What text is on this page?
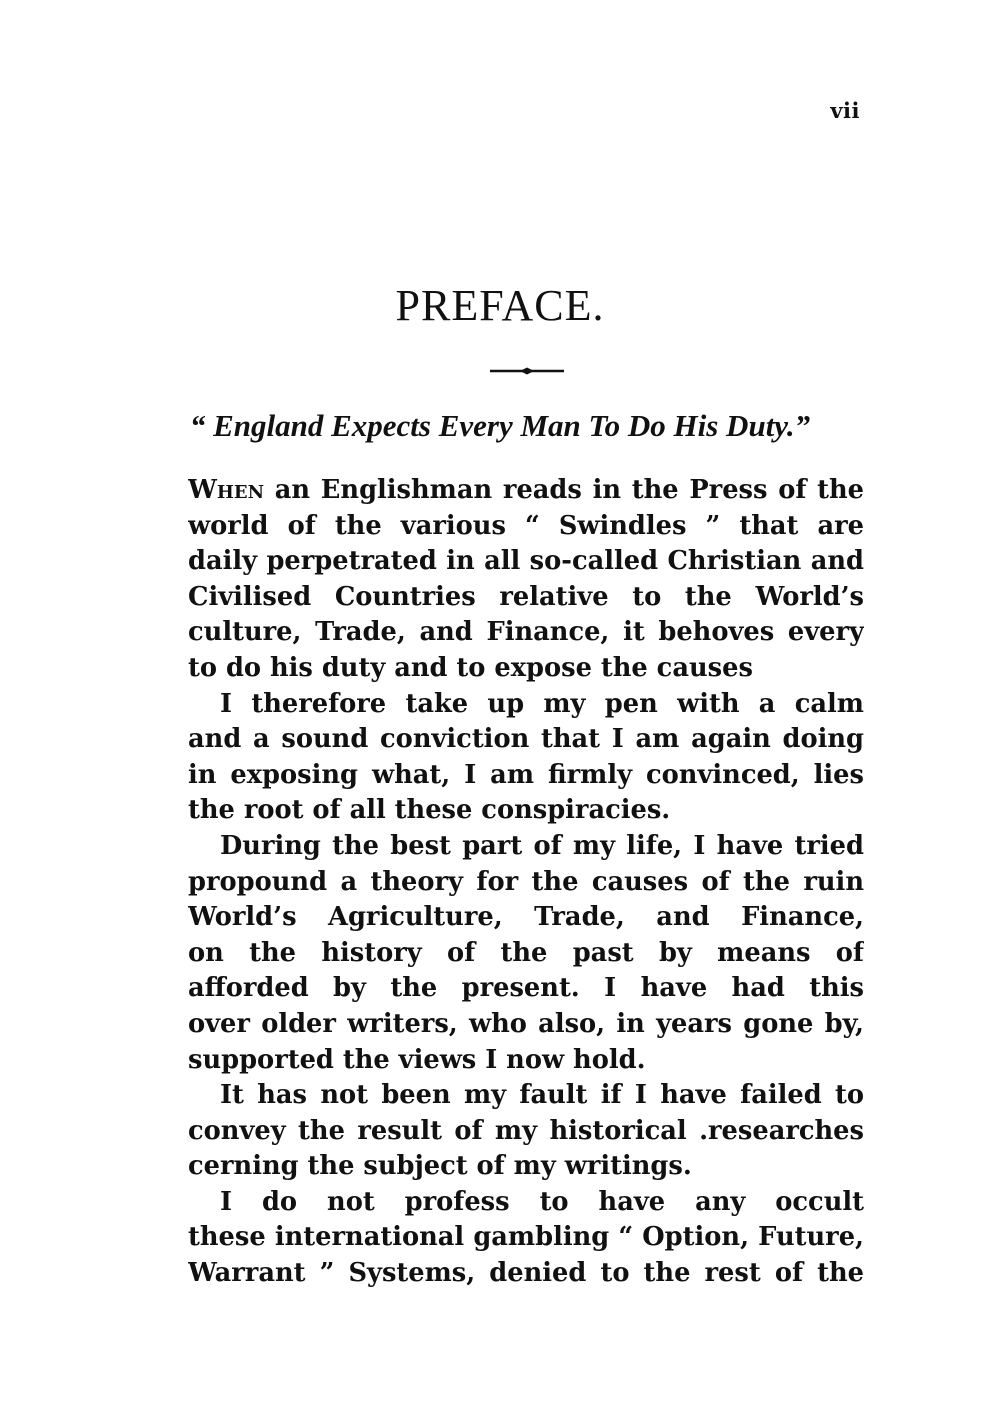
vii
PREFACE.
“ England Expects Every Man To Do His Duty.”
When an Englishman reads in the Press of the
world of the various “ Swindles ” that are
daily perpetrated in all so-called Christian and
Civilised Countries relative to the World’s
culture, Trade, and Finance, it behoves every
to do his duty and to expose the causes
I therefore take up my pen with a calm
and a sound conviction that I am again doing
in exposing what, I am firmly convinced, lies
the root of all these conspiracies.
During the best part of my life, I have tried
propound a theory for the causes of the ruin
World’s Agriculture, Trade, and Finance,
on the history of the past by means of
afforded by the present. I have had this
over older writers, who also, in years gone by,
supported the views I now hold.
It has not been my fault if I have failed to
convey the result of my historical .researches
cerning the subject of my writings.
I do not profess to have any occult
these international gambling “ Option, Future,
Warrant ” Systems, denied to the rest of the
